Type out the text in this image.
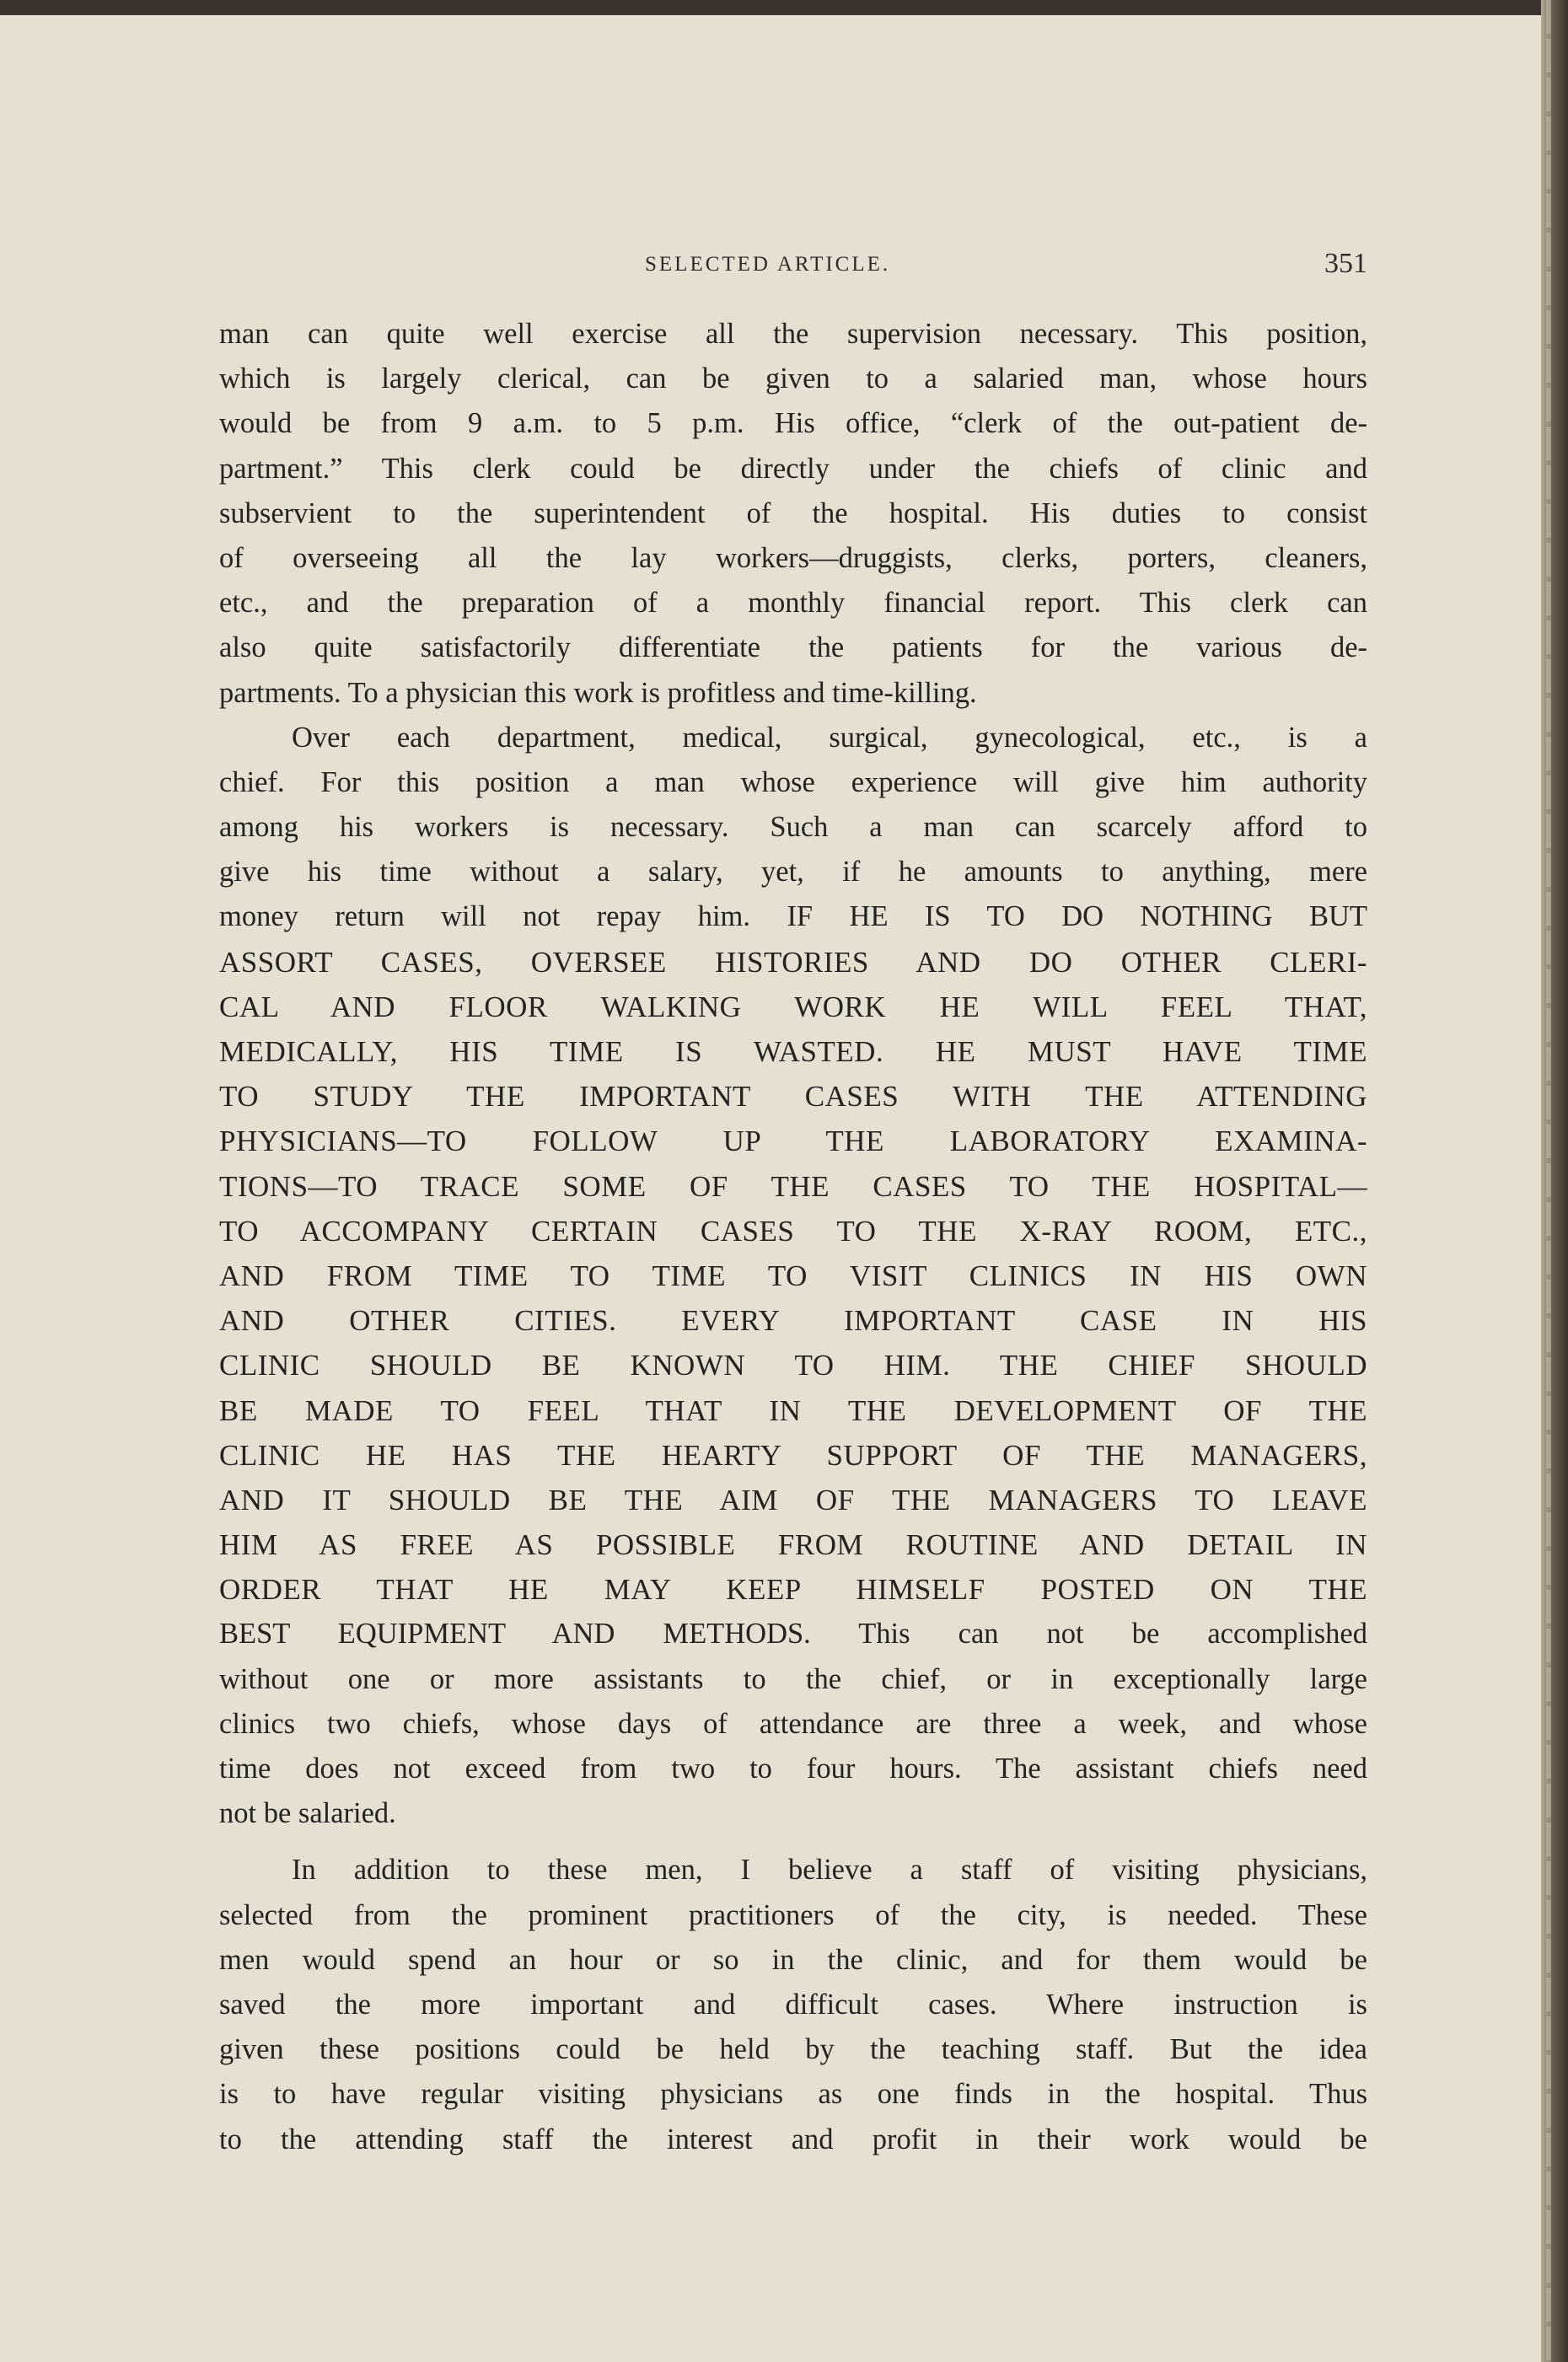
SELECTED ARTICLE.	351
man can quite well exercise all the supervision necessary. This position,
which is largely clerical, can be given to a salaried man, whose hours
would be from 9 a.m. to 5 p.m. His office, “clerk of the out-patient de-
partment.” This clerk could be directly under the chiefs of clinic and
subservient to the superintendent of the hospital. His duties to consist
of overseeing all the lay workers—druggists, clerks, porters, cleaners,
etc., and the preparation of a monthly financial report. This clerk can
also quite satisfactorily differentiate the patients for the various de-
partments. To a physician this work is profitless and time-killing.
Over each department, medical, surgical, gynecological, etc., is a
chief. For this position a man whose experience will give him authority
among his workers is necessary. Such a man can scarcely afford to
give his time without a salary, yet, if he amounts to anything, mere
money return will not repay him. IF HE IS TO DO NOTHING BUT
ASSORT CASES, OVERSEE HISTORIES AND DO OTHER CLERI-
CAL AND FLOOR WALKING WORK HE WILL FEEL THAT,
MEDICALLY, HIS TIME IS WASTED. HE MUST HAVE TIME
TO STUDY THE IMPORTANT CASES WITH THE ATTENDING
PHYSICIANS—TO FOLLOW UP THE LABORATORY EXAMINA-
TIONS—TO TRACE SOME OF THE CASES TO THE HOSPITAL—
TO ACCOMPANY CERTAIN CASES TO THE X-RAY ROOM, ETC.,
AND FROM TIME TO TIME TO VISIT CLINICS IN HIS OWN
AND OTHER CITIES. EVERY IMPORTANT CASE IN HIS
CLINIC SHOULD BE KNOWN TO HIM. THE CHIEF SHOULD
BE MADE TO FEEL THAT IN THE DEVELOPMENT OF THE
CLINIC HE HAS THE HEARTY SUPPORT OF THE MANAGERS,
AND IT SHOULD BE THE AIM OF THE MANAGERS TO LEAVE
HIM AS FREE AS POSSIBLE FROM ROUTINE AND DETAIL IN
ORDER THAT HE MAY KEEP HIMSELF POSTED ON THE
BEST EQUIPMENT AND METHODS. This can not be accomplished
without one or more assistants to the chief, or in exceptionally large
clinics two chiefs, whose days of attendance are three a week, and whose
time does not exceed from two to four hours. The assistant chiefs need
not be salaried.
In addition to these men, I believe a staff of visiting physicians,
selected from the prominent practitioners of the city, is needed. These
men would spend an hour or so in the clinic, and for them would be
saved the more important and difficult cases. Where instruction is
given these positions could be held by the teaching staff. But the idea
is to have regular visiting physicians as one finds in the hospital. Thus
to the attending staff the interest and profit in their work would be
